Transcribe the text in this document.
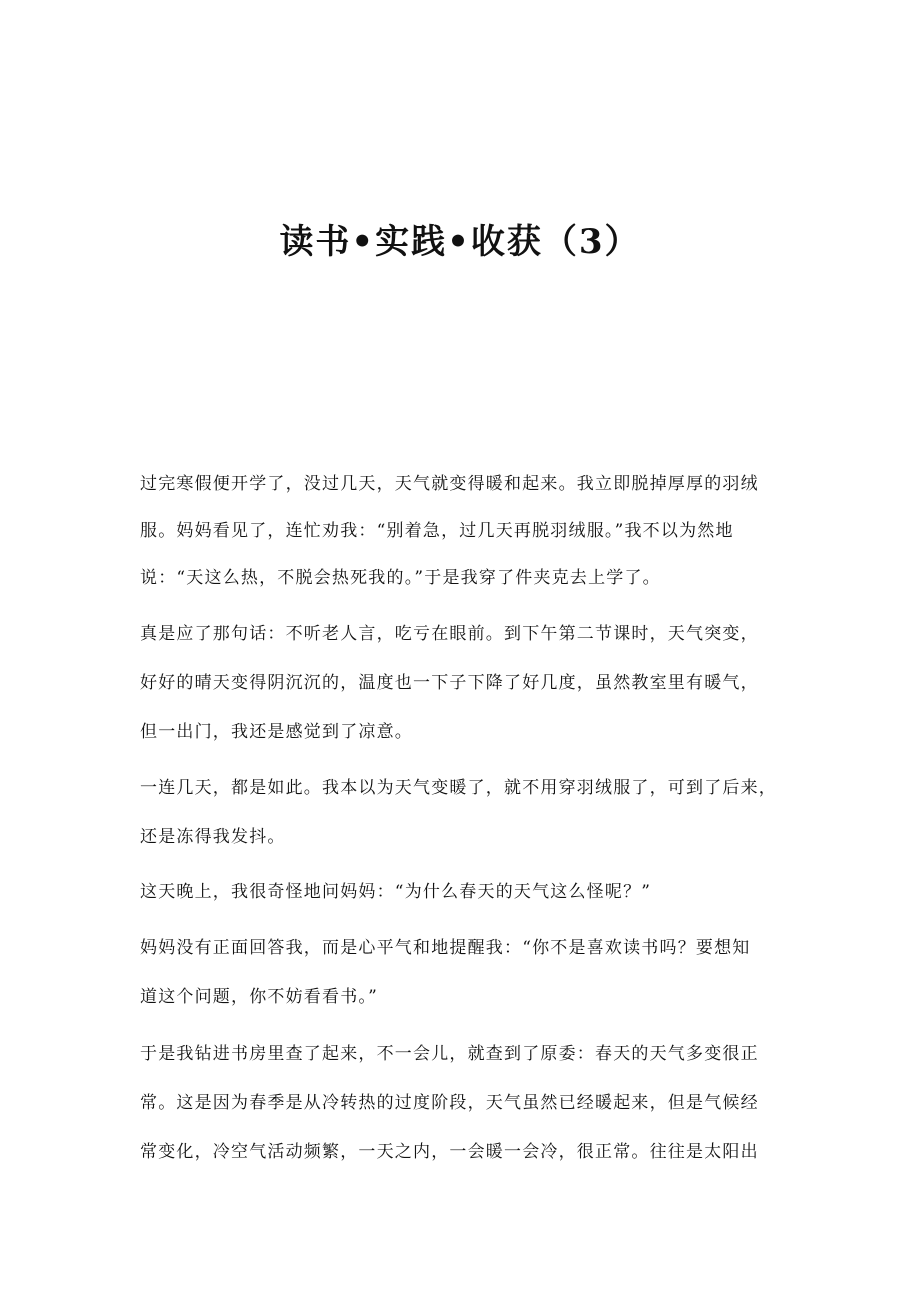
读书•实践•收获（3）
过完寒假便开学了，没过几天，天气就变得暖和起来。我立即脱掉厚厚的羽绒
服。妈妈看见了，连忙劝我：“别着急，过几天再脱羽绒服。”我不以为然地
说：“天这么热，不脱会热死我的。”于是我穿了件夹克去上学了。
真是应了那句话：不听老人言，吃亏在眼前。到下午第二节课时，天气突变，
好好的晴天变得阴沉沉的，温度也一下子下降了好几度，虽然教室里有暖气，
但一出门，我还是感觉到了凉意。
一连几天，都是如此。我本以为天气变暖了，就不用穿羽绒服了，可到了后来，
还是冻得我发抖。
这天晚上，我很奇怪地问妈妈：“为什么春天的天气这么怪呢？”
妈妈没有正面回答我，而是心平气和地提醒我：“你不是喜欢读书吗？要想知
道这个问题，你不妨看看书。”
于是我钻进书房里查了起来，不一会儿，就查到了原委：春天的天气多变很正
常。这是因为春季是从冷转热的过度阶段，天气虽然已经暖起来，但是气候经
常变化，冷空气活动频繁，一天之内，一会暖一会冷，很正常。往往是太阳出
